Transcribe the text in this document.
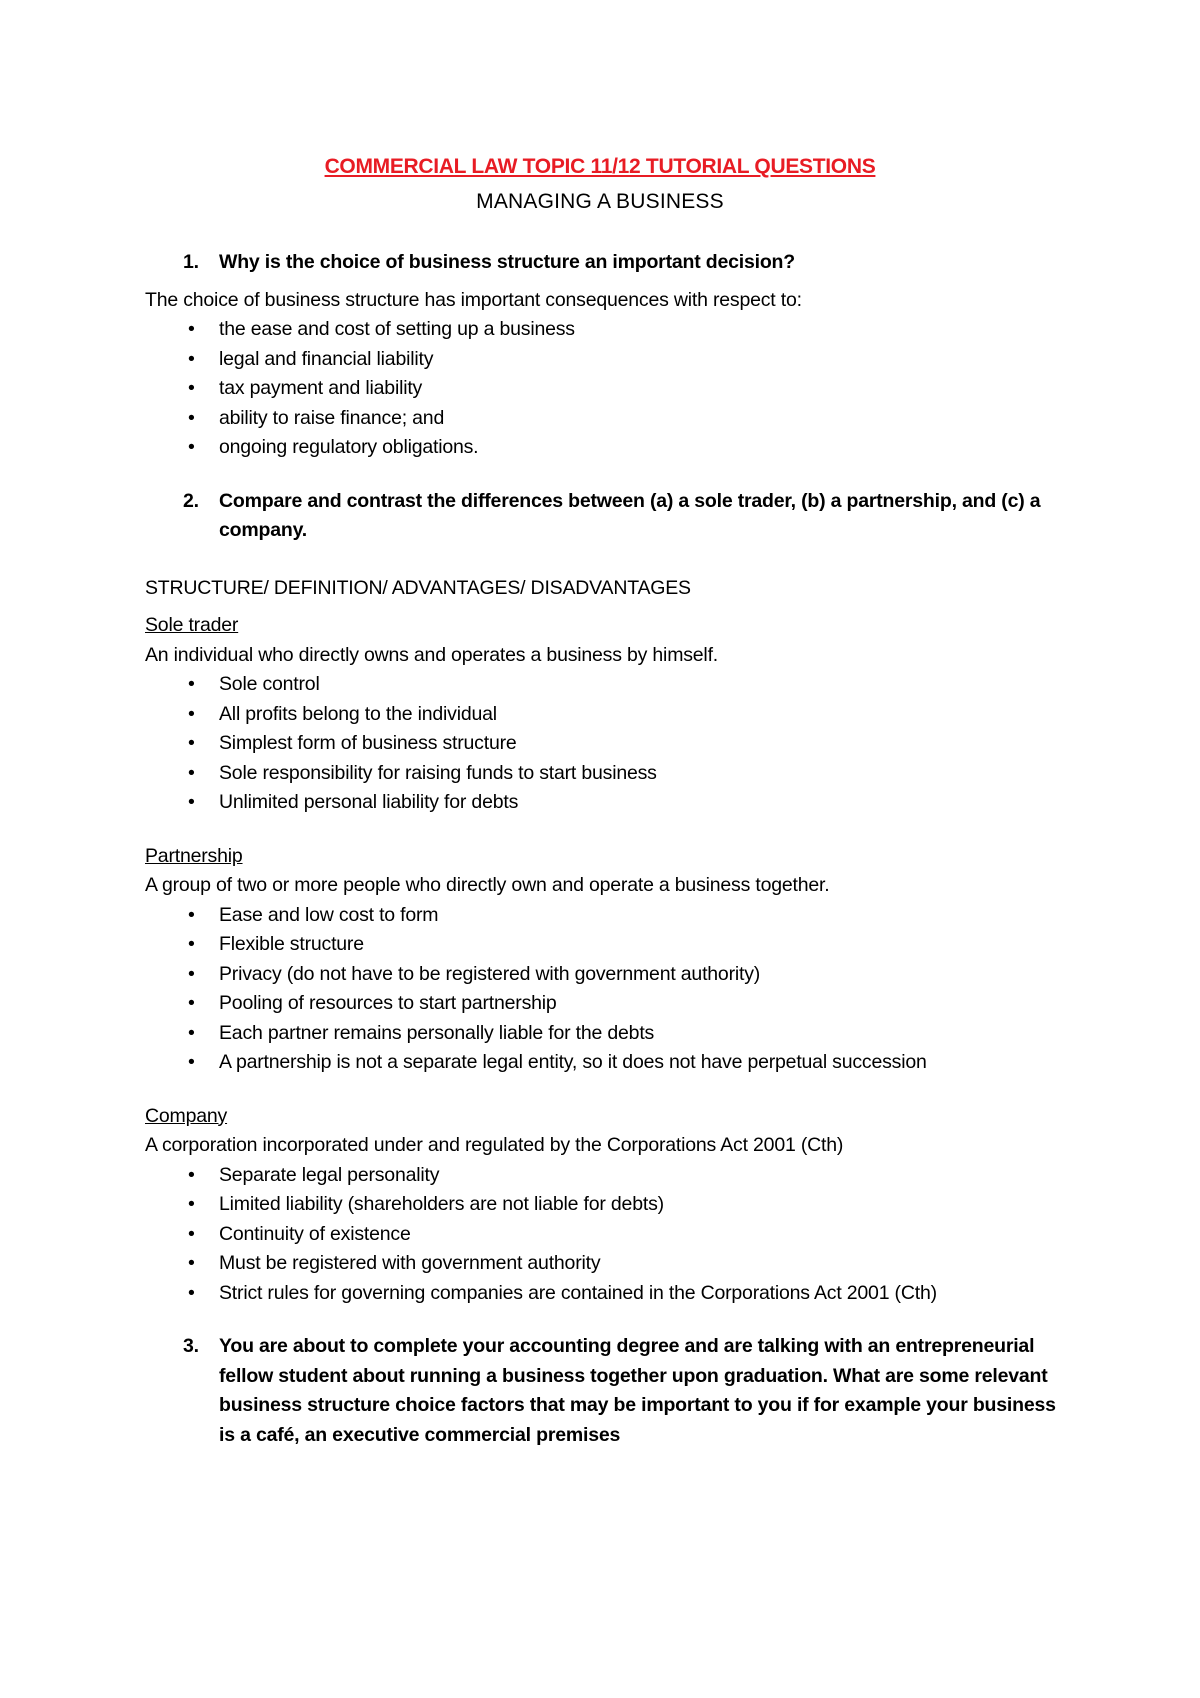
COMMERCIAL LAW TOPIC 11/12 TUTORIAL QUESTIONS
MANAGING A BUSINESS
1.	Why is the choice of business structure an important decision?

The choice of business structure has important consequences with respect to:

•	the ease and cost of setting up a business
•	legal and financial liability
•	tax payment and liability
•	ability to raise finance; and
•	ongoing regulatory obligations.
2.	Compare and contrast the differences between (a) a sole trader, (b) a partnership, and (c) a company.

STRUCTURE/ DEFINITION/ ADVANTAGES/ DISADVANTAGES

Sole trader

An individual who directly owns and operates a business by himself.

•	Sole control
•	All profits belong to the individual
•	Simplest form of business structure
•	Sole responsibility for raising funds to start business
•	Unlimited personal liability for debts

Partnership

A group of two or more people who directly own and operate a business together.

•	Ease and low cost to form
•	Flexible structure
•	Privacy (do not have to be registered with government authority)
•	Pooling of resources to start partnership
•	Each partner remains personally liable for the debts
•	A partnership is not a separate legal entity, so it does not have perpetual succession

Company

A corporation incorporated under and regulated by the Corporations Act 2001 (Cth)

•	Separate legal personality
•	Limited liability (shareholders are not liable for debts)
•	Continuity of existence
•	Must be registered with government authority
•	Strict rules for governing companies are contained in the Corporations Act 2001 (Cth)
3.	You are about to complete your accounting degree and are talking with an entrepreneurial fellow student about running a business together upon graduation. What are some relevant business structure choice factors that may be important to you if for example your business is a café, an executive commercial premises
